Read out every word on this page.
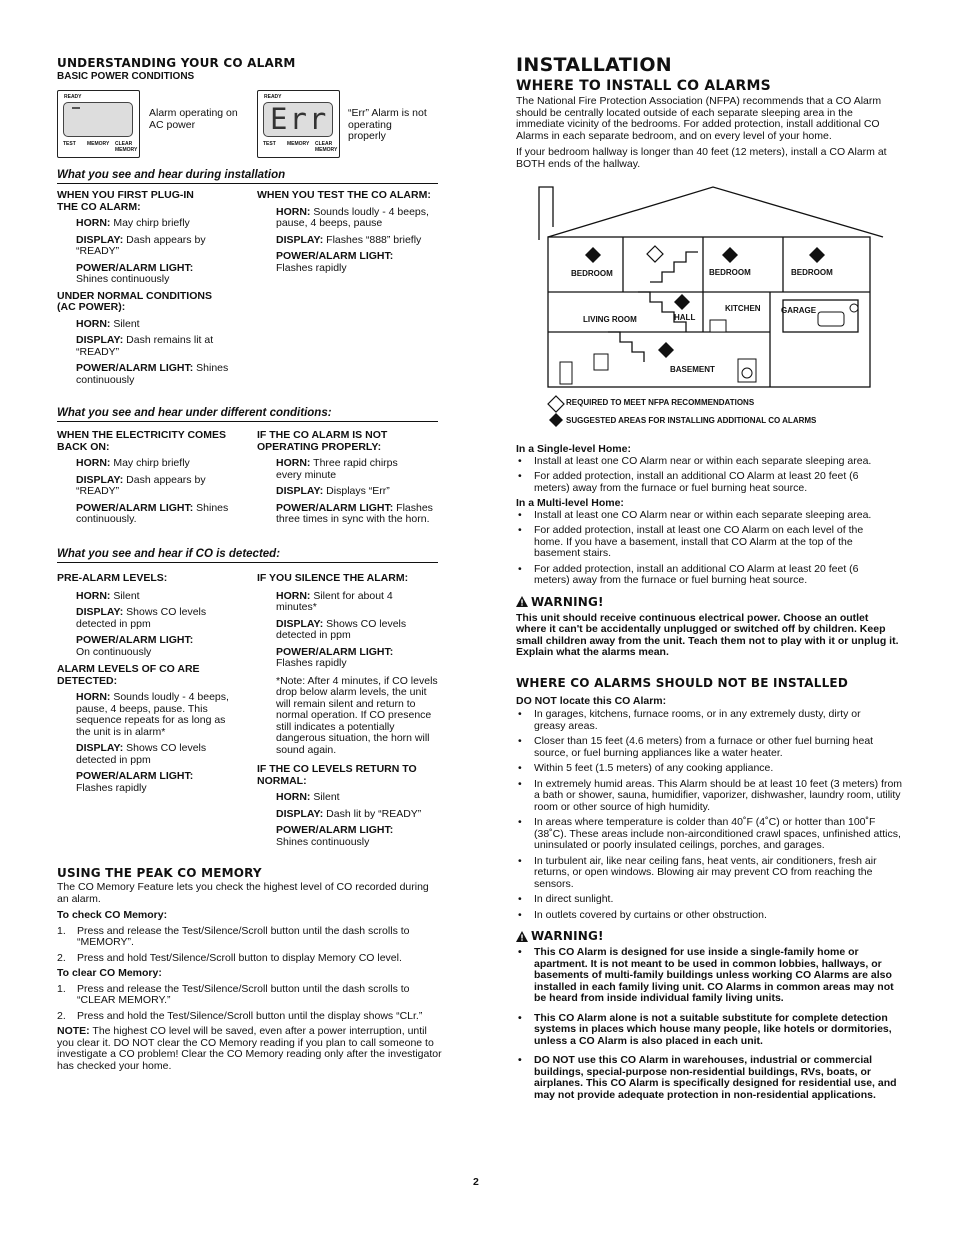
UNDERSTANDING YOUR CO ALARM
BASIC POWER CONDITIONS
READY
TEST MEMORY CLEAR MEMORY
Alarm operating on AC power
READY
Err
TEST MEMORY CLEAR MEMORY
“Err” Alarm is not operating properly
What you see and hear during installation
WHEN YOU FIRST PLUG-IN THE CO ALARM:
HORN: May chirp briefly
DISPLAY: Dash appears by “READY”
POWER/ALARM LIGHT:
Shines continuously
UNDER NORMAL CONDITIONS (AC POWER):
HORN: Silent
DISPLAY: Dash remains lit at “READY”
POWER/ALARM LIGHT: Shines continuously
WHEN YOU TEST THE CO ALARM:
HORN: Sounds loudly - 4 beeps, pause, 4 beeps, pause
DISPLAY: Flashes “888” briefly
POWER/ALARM LIGHT:
Flashes rapidly
What you see and hear under different conditions:
WHEN THE ELECTRICITY COMES BACK ON:
HORN: May chirp briefly
DISPLAY: Dash appears by “READY”
POWER/ALARM LIGHT: Shines continuously.
IF THE CO ALARM IS NOT OPERATING PROPERLY:
HORN: Three rapid chirps every minute
DISPLAY: Displays “Err”
POWER/ALARM LIGHT: Flashes three times in sync with the horn.
What you see and hear if CO is detected:
PRE-ALARM LEVELS:
HORN: Silent
DISPLAY: Shows CO levels detected in ppm
POWER/ALARM LIGHT:
On continuously
ALARM LEVELS OF CO ARE DETECTED:
HORN: Sounds loudly - 4 beeps, pause, 4 beeps, pause. This sequence repeats for as long as the unit is in alarm*
DISPLAY: Shows CO levels detected in ppm
POWER/ALARM LIGHT:
Flashes rapidly
IF YOU SILENCE THE ALARM:
HORN: Silent for about 4 minutes*
DISPLAY: Shows CO levels detected in ppm
POWER/ALARM LIGHT:
Flashes rapidly
*Note: After 4 minutes, if CO levels drop below alarm levels, the unit will remain silent and return to normal operation. If CO presence still indicates a potentially dangerous situation, the horn will sound again.
IF THE CO LEVELS RETURN TO NORMAL:
HORN: Silent
DISPLAY: Dash lit by “READY”
POWER/ALARM LIGHT:
Shines continuously
USING THE PEAK CO MEMORY
The CO Memory Feature lets you check the highest level of CO recorded during an alarm.
To check CO Memory:
1. Press and release the Test/Silence/Scroll button until the dash scrolls to “MEMORY”.
2. Press and hold Test/Silence/Scroll button to display Memory CO level.
To clear CO Memory:
1. Press and release the Test/Silence/Scroll button until the dash scrolls to “CLEAR MEMORY.”
2. Press and hold the Test/Silence/Scroll button until the display shows “CLr.”
NOTE: The highest CO level will be saved, even after a power interruption, until you clear it. DO NOT clear the CO Memory reading if you plan to call someone to investigate a CO problem! Clear the CO Memory reading only after the investigator has checked your home.
INSTALLATION
WHERE TO INSTALL CO ALARMS
The National Fire Protection Association (NFPA) recommends that a CO Alarm should be centrally located outside of each separate sleeping area in the immediate vicinity of the bedrooms. For added protection, install additional CO Alarms in each separate bedroom, and on every level of your home.
If your bedroom hallway is longer than 40 feet (12 meters), install a CO Alarm at BOTH ends of the hallway.
BEDROOM	BEDROOM	BEDROOM
LIVING ROOM	HALL
KITCHEN	GARAGE
BASEMENT
REQUIRED TO MEET NFPA RECOMMENDATIONS
SUGGESTED AREAS FOR INSTALLING ADDITIONAL CO ALARMS
In a Single-level Home:
• Install at least one CO Alarm near or within each separate sleeping area.
• For added protection, install an additional CO Alarm at least 20 feet (6 meters) away from the furnace or fuel burning heat source.
In a Multi-level Home:
• Install at least one CO Alarm near or within each separate sleeping area.
• For added protection, install at least one CO Alarm on each level of the home. If you have a basement, install that CO Alarm at the top of the basement stairs.
• For added protection, install an additional CO Alarm at least 20 feet (6 meters) away from the furnace or fuel burning heat source.
WARNING!
This unit should receive continuous electrical power. Choose an outlet where it can't be accidentally unplugged or switched off by children. Keep small children away from the unit. Teach them not to play with it or unplug it. Explain what the alarms mean.
WHERE CO ALARMS SHOULD NOT BE INSTALLED
DO NOT locate this CO Alarm:
• In garages, kitchens, furnace rooms, or in any extremely dusty, dirty or greasy areas.
• Closer than 15 feet (4.6 meters) from a furnace or other fuel burning heat source, or fuel burning appliances like a water heater.
• Within 5 feet (1.5 meters) of any cooking appliance.
• In extremely humid areas. This Alarm should be at least 10 feet (3 meters) from a bath or shower, sauna, humidifier, vaporizer, dishwasher, laundry room, utility room or other source of high humidity.
• In areas where temperature is colder than 40˚F (4˚C) or hotter than 100˚F (38˚C). These areas include non-airconditioned crawl spaces, unfinished attics, uninsulated or poorly insulated ceilings, porches, and garages.
• In turbulent air, like near ceiling fans, heat vents, air conditioners, fresh air returns, or open windows. Blowing air may prevent CO from reaching the sensors.
• In direct sunlight.
• In outlets covered by curtains or other obstruction.
WARNING!
• This CO Alarm is designed for use inside a single-family home or apartment. It is not meant to be used in common lobbies, hallways, or basements of multi-family buildings unless working CO Alarms are also installed in each family living unit. CO Alarms in common areas may not be heard from inside individual family living units.
• This CO Alarm alone is not a suitable substitute for complete detection systems in places which house many people, like hotels or dormitories, unless a CO Alarm is also placed in each unit.
• DO NOT use this CO Alarm in warehouses, industrial or commercial buildings, special-purpose non-residential buildings, RVs, boats, or airplanes. This CO Alarm is specifically designed for residential use, and may not provide adequate protection in non-residential applications.
2
